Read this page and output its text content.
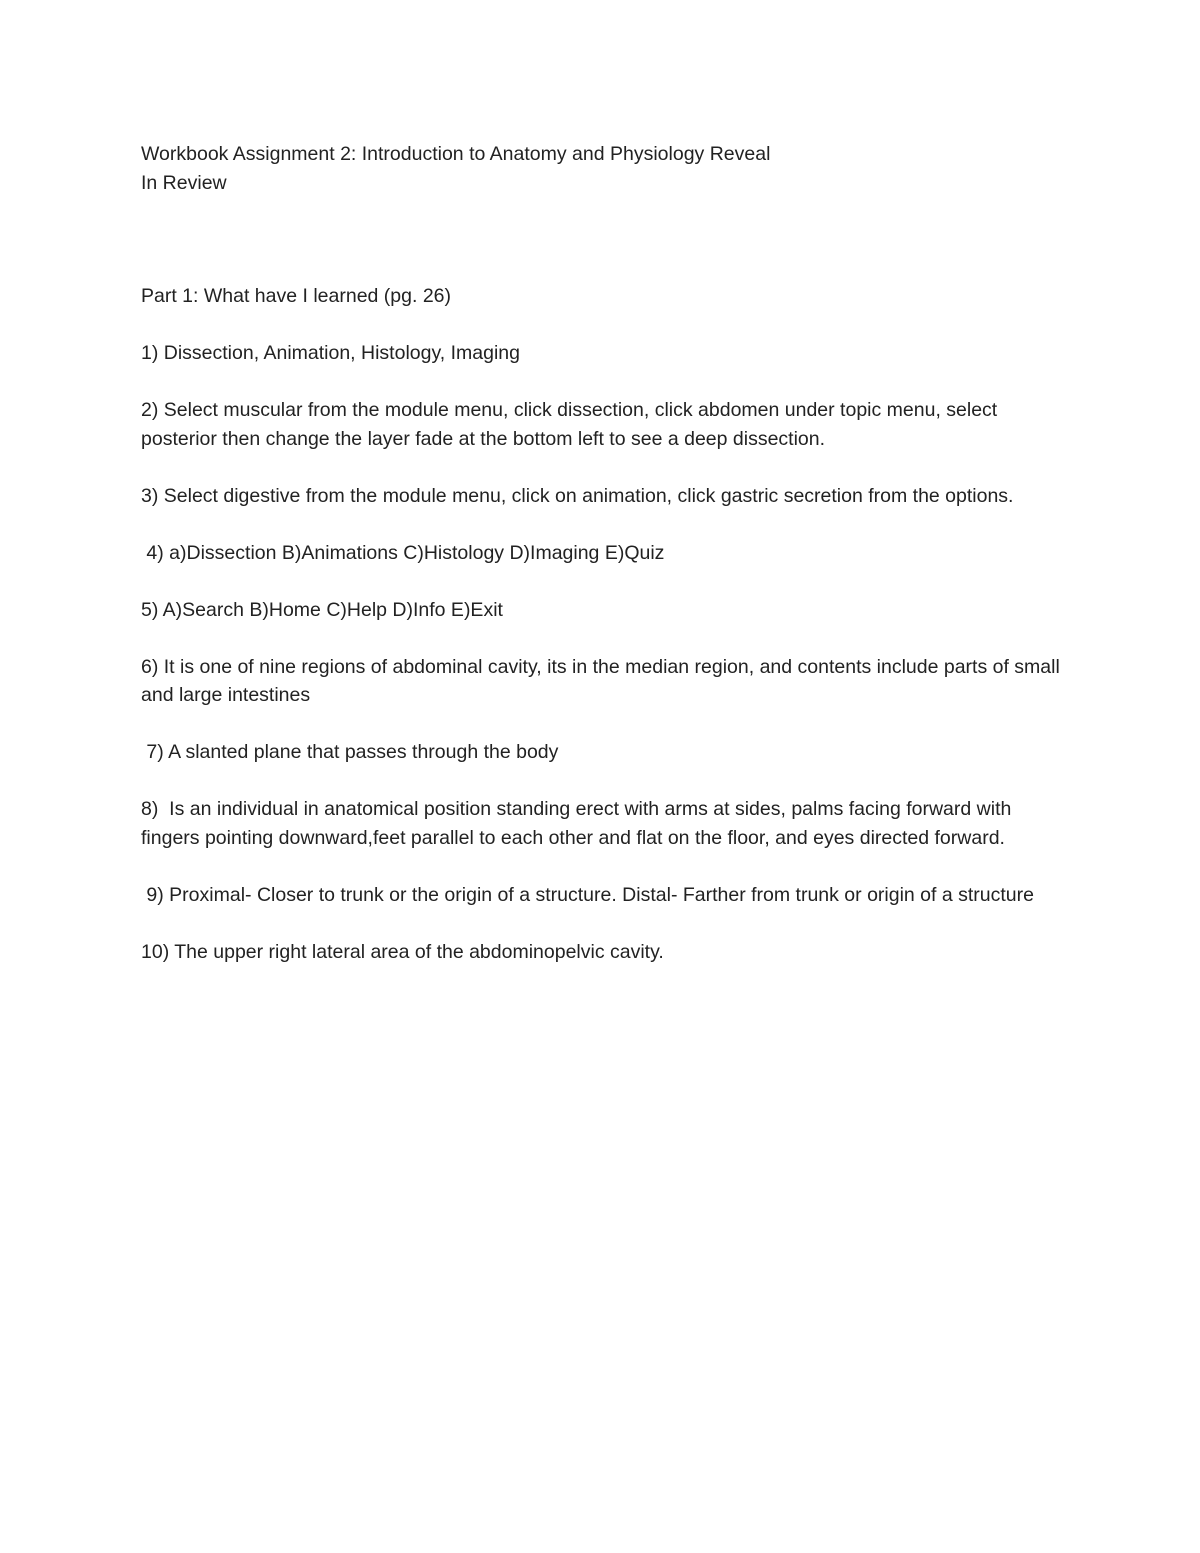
Workbook Assignment 2: Introduction to Anatomy and Physiology Reveal

In Review

Part 1: What have I learned (pg. 26)

1) Dissection, Animation, Histology, Imaging

2) Select muscular from the module menu, click dissection, click abdomen under topic menu, select posterior then change the layer fade at the bottom left to see a deep dissection.

3) Select digestive from the module menu, click on animation, click gastric secretion from the options.

4) a)Dissection B)Animations C)Histology D)Imaging E)Quiz

5) A)Search B)Home C)Help D)Info E)Exit

6) It is one of nine regions of abdominal cavity, its in the median region, and contents include parts of small and large intestines

7) A slanted plane that passes through the body

8)  Is an individual in anatomical position standing erect with arms at sides, palms facing forward with fingers pointing downward,feet parallel to each other and flat on the floor, and eyes directed forward.

9) Proximal- Closer to trunk or the origin of a structure. Distal- Farther from trunk or origin of a structure

10) The upper right lateral area of the abdominopelvic cavity.
